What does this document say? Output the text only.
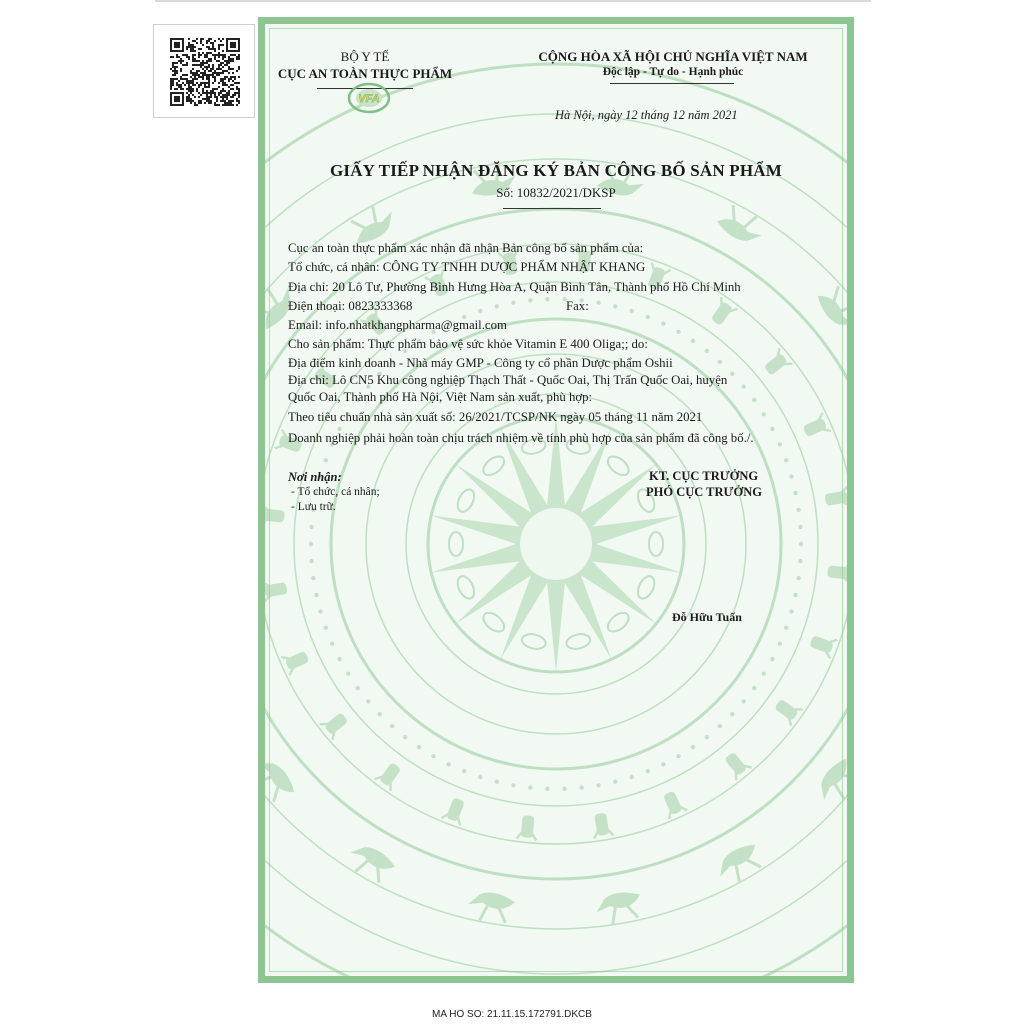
BỘ Y TẾ
CỤC AN TOÀN THỰC PHẨM
VFA
CỘNG HÒA XÃ HỘI CHỦ NGHĨA VIỆT NAM
Độc lập - Tự do - Hạnh phúc
Hà Nội, ngày 12 tháng 12 năm 2021
GIẤY TIẾP NHẬN ĐĂNG KÝ BẢN CÔNG BỐ SẢN PHẨM
Số: 10832/2021/DKSP
Cục an toàn thực phẩm xác nhận đã nhận Bản công bố sản phẩm của:
Tổ chức, cá nhân: CÔNG TY TNHH DƯỢC PHẨM NHẬT KHANG
Địa chỉ: 20 Lô Tư, Phường Bình Hưng Hòa A, Quận Bình Tân, Thành phố Hồ Chí Minh
Điện thoại: 0823333368	Fax:
Email: info.nhatkhangpharma@gmail.com
Cho sản phẩm: Thực phẩm bảo vệ sức khỏe Vitamin E 400 Oliga;; do:
Địa điểm kinh doanh - Nhà máy GMP - Công ty cổ phần Dược phẩm Oshii
Địa chỉ: Lô CN5 Khu công nghiệp Thạch Thất - Quốc Oai, Thị Trấn Quốc Oai, huyện
Quốc Oai, Thành phố Hà Nội, Việt Nam sản xuất, phù hợp:
Theo tiêu chuẩn nhà sản xuất số: 26/2021/TCSP/NK ngày 05 tháng 11 năm 2021
Doanh nghiệp phải hoàn toàn chịu trách nhiệm về tính phù hợp của sản phẩm đã công bố./.
Nơi nhận:
- Tổ chức, cá nhân;
- Lưu trữ.
KT. CỤC TRƯỞNG
PHÓ CỤC TRƯỞNG
Đỗ Hữu Tuấn
MA HO SO: 21.11.15.172791.DKCB
